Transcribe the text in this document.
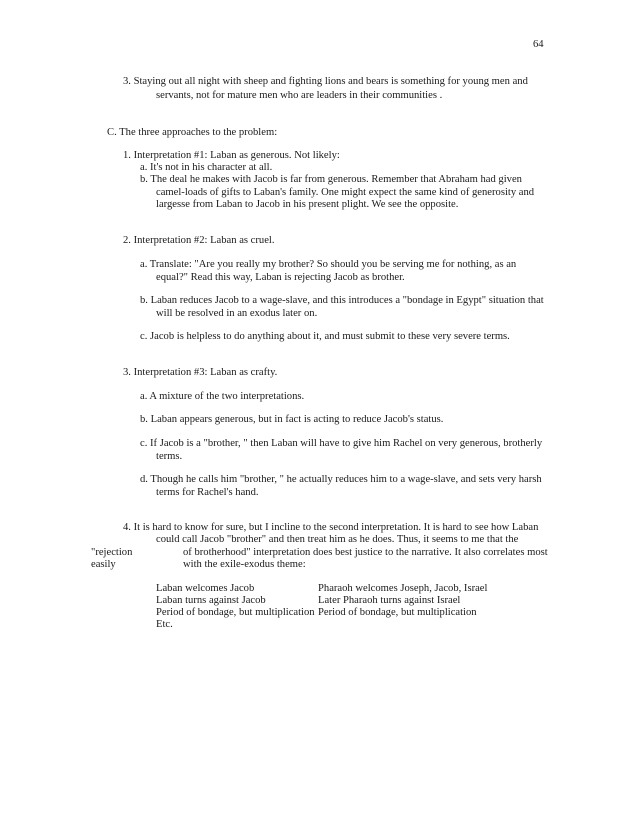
64
3. Staying out all night with sheep and fighting lions and bears is something for young men and
servants, not for mature men who are leaders in their communities .
C. The three approaches to the problem:
1. Interpretation #1: Laban as generous. Not likely:
a. It's not in his character at all.
b. The deal he makes with Jacob is far from generous. Remember that Abraham had given
camel-loads of gifts to Laban's family. One might expect the same kind of generosity and
largesse from Laban to Jacob in his present plight. We see the opposite.
2. Interpretation #2: Laban as cruel.
a. Translate: "Are you really my brother? So should you be serving me for nothing, as an
equal?" Read this way, Laban is rejecting Jacob as brother.
b. Laban reduces Jacob to a wage-slave, and this introduces a "bondage in Egypt" situation that
will be resolved in an exodus later on.
c. Jacob is helpless to do anything about it, and must submit to these very severe terms.
3. Interpretation #3: Laban as crafty.
a. A mixture of the two interpretations.
b. Laban appears generous, but in fact is acting to reduce Jacob's status.
c. If Jacob is a "brother, " then Laban will have to give him Rachel on very generous, brotherly
terms.
d. Though he calls him "brother, " he actually reduces him to a wage-slave, and sets very harsh
terms for Rachel's hand.
4. It is hard to know for sure, but I incline to the second interpretation. It is hard to see how Laban
could call Jacob "brother" and then treat him as he does. Thus, it seems to me that the
"rejection	of brotherhood" interpretation does best justice to the narrative. It also correlates most
easily	with the exile-exodus theme:
Laban welcomes Jacob
Laban turns against Jacob
Period of bondage, but multiplication
Etc.
Pharaoh welcomes Joseph, Jacob, Israel
Later Pharaoh turns against Israel
Period of bondage, but multiplication
